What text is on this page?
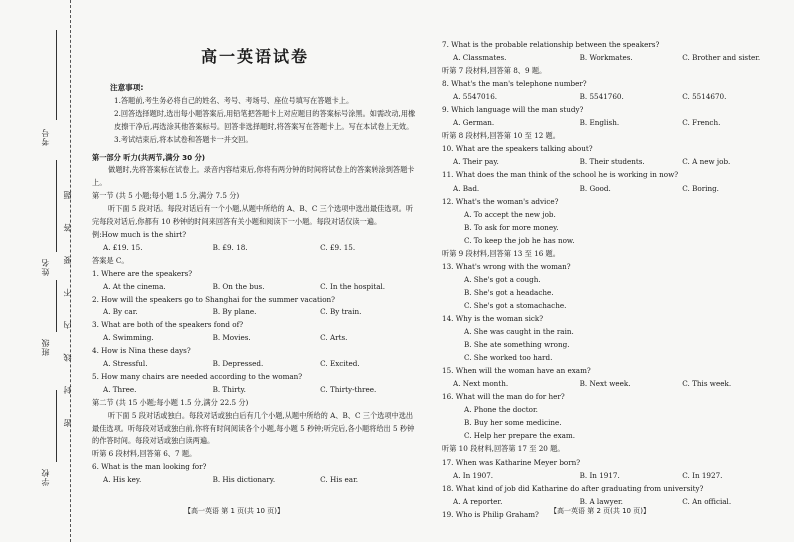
考号
姓名
班级
学校
密 封 线 内 不 要 答 题
高一英语试卷

注意事项:

1.答题前,考生务必将自己的姓名、考号、考场号、座位号填写在答题卡上。

2.回答选择题时,选出每小题答案后,用铅笔把答题卡上对应题目的答案标号涂黑。如需改动,用橡皮擦干净后,再选涂其他答案标号。回答非选择题时,将答案写在答题卡上。写在本试卷上无效。

3.考试结束后,将本试卷和答题卡一并交回。

第一部分 听力(共两节,满分 30 分)

做题时,先将答案标在试卷上。录音内容结束后,你将有两分钟的时间将试卷上的答案转涂到答题卡上。

第一节 (共 5 小题;每小题 1.5 分,满分 7.5 分)

听下面 5 段对话。每段对话后有一个小题,从题中所给的 A、B、C 三个选项中选出最佳选项。听完每段对话后,你都有 10 秒钟的时间来回答有关小题和阅读下一小题。每段对话仅读一遍。

例:How much is the shirt?

A. £19. 15.	B. £9. 18.	C. £9. 15.

答案是 C。

1. Where are the speakers?

A. At the cinema.	B. On the bus.	C. In the hospital.

2. How will the speakers go to Shanghai for the summer vacation?

A. By car.	B. By plane.	C. By train.

3. What are both of the speakers fond of?

A. Swimming.	B. Movies.	C. Arts.

4. How is Nina these days?

A. Stressful.	B. Depressed.	C. Excited.

5. How many chairs are needed according to the woman?

A. Three.	B. Thirty.	C. Thirty-three.

第二节 (共 15 小题;每小题 1.5 分,满分 22.5 分)

听下面 5 段对话或独白。每段对话或独白后有几个小题,从题中所给的 A、B、C 三个选项中选出最佳选项。听每段对话或独白前,你将有时间阅读各个小题,每小题 5 秒钟;听完后,各小题将给出 5 秒钟的作答时间。每段对话或独白读两遍。

听第 6 段材料,回答第 6、7 题。

6. What is the man looking for?

A. His key.	B. His dictionary.	C. His ear.

7. What is the probable relationship between the speakers?

A. Classmates.	B. Workmates.	C. Brother and sister.

听第 7 段材料,回答第 8、9 题。

8. What's the man's telephone number?

A. 5547016.	B. 5541760.	C. 5514670.

9. Which language will the man study?

A. German.	B. English.	C. French.

听第 8 段材料,回答第 10 至 12 题。

10. What are the speakers talking about?

A. Their pay.	B. Their students.	C. A new job.

11. What does the man think of the school he is working in now?

A. Bad.	B. Good.	C. Boring.

12. What's the woman's advice?

A. To accept the new job.

B. To ask for more money.

C. To keep the job he has now.

听第 9 段材料,回答第 13 至 16 题。

13. What's wrong with the woman?

A. She's got a cough.

B. She's got a headache.

C. She's got a stomachache.

14. Why is the woman sick?

A. She was caught in the rain.

B. She ate something wrong.

C. She worked too hard.

15. When will the woman have an exam?

A. Next month.	B. Next week.	C. This week.

16. What will the man do for her?

A. Phone the doctor.

B. Buy her some medicine.

C. Help her prepare the exam.

听第 10 段材料,回答第 17 至 20 题。

17. When was Katharine Meyer born?

A. In 1907.	B. In 1917.	C. In 1927.

18. What kind of job did Katharine do after graduating from university?

A. A reporter.	B. A lawyer.	C. An official.

19. Who is Philip Graham?

【高一英语 第 1 页(共 10 页)】	【高一英语 第 2 页(共 10 页)】
